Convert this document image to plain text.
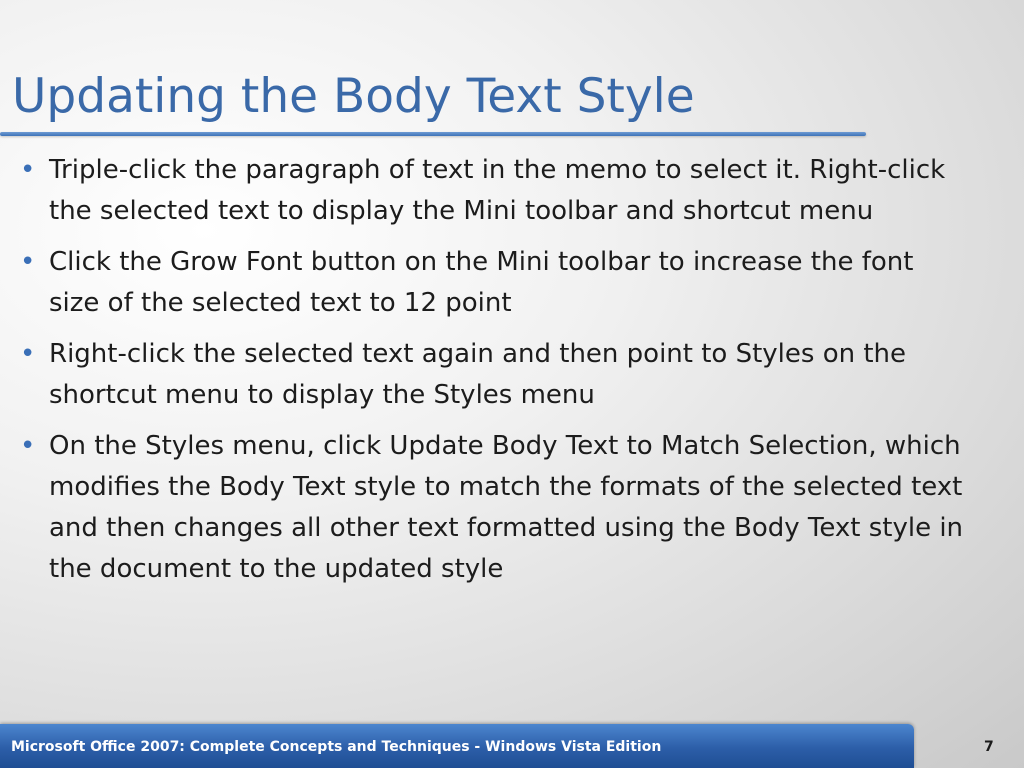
Updating the Body Text Style
• Triple-click the paragraph of text in the memo to select it. Right-click the selected text to display the Mini toolbar and shortcut menu
• Click the Grow Font button on the Mini toolbar to increase the font size of the selected text to 12 point
• Right-click the selected text again and then point to Styles on the shortcut menu to display the Styles menu
• On the Styles menu, click Update Body Text to Match Selection, which modifies the Body Text style to match the formats of the selected text and then changes all other text formatted using the Body Text style in the document to the updated style
Microsoft Office 2007: Complete Concepts and Techniques - Windows Vista Edition	7
